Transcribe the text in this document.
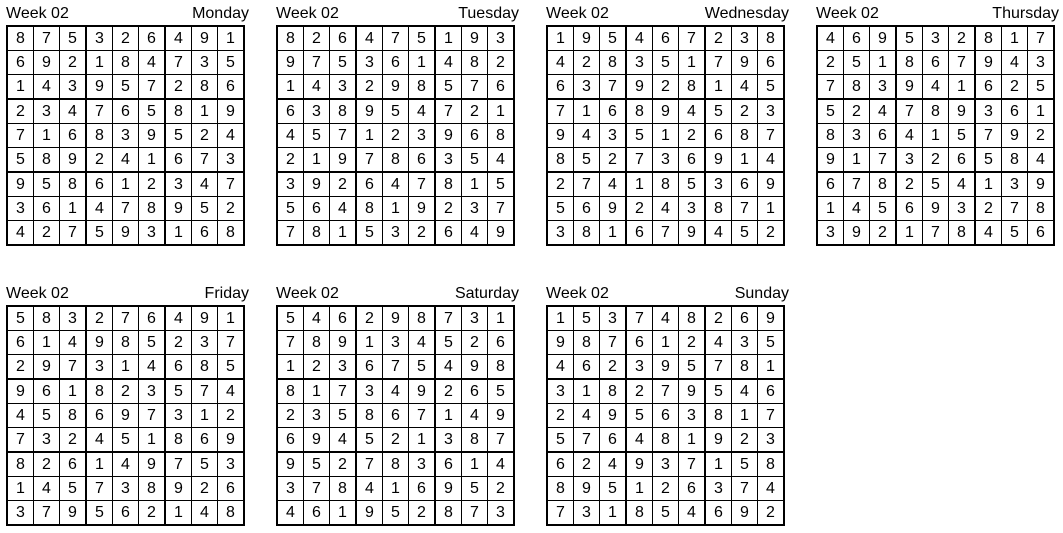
Week 02	Monday
8	7	5	3	2	6	4	9	1
6	9	2	1	8	4	7	3	5
1	4	3	9	5	7	2	8	6
2	3	4	7	6	5	8	1	9
7	1	6	8	3	9	5	2	4
5	8	9	2	4	1	6	7	3
9	5	8	6	1	2	3	4	7
3	6	1	4	7	8	9	5	2
4	2	7	5	9	3	1	6	8
Week 02	Tuesday
8	2	6	4	7	5	1	9	3
9	7	5	3	6	1	4	8	2
1	4	3	2	9	8	5	7	6
6	3	8	9	5	4	7	2	1
4	5	7	1	2	3	9	6	8
2	1	9	7	8	6	3	5	4
3	9	2	6	4	7	8	1	5
5	6	4	8	1	9	2	3	7
7	8	1	5	3	2	6	4	9
Week 02	Wednesday
1	9	5	4	6	7	2	3	8
4	2	8	3	5	1	7	9	6
6	3	7	9	2	8	1	4	5
7	1	6	8	9	4	5	2	3
9	4	3	5	1	2	6	8	7
8	5	2	7	3	6	9	1	4
2	7	4	1	8	5	3	6	9
5	6	9	2	4	3	8	7	1
3	8	1	6	7	9	4	5	2
Week 02	Thursday
4	6	9	5	3	2	8	1	7
2	5	1	8	6	7	9	4	3
7	8	3	9	4	1	6	2	5
5	2	4	7	8	9	3	6	1
8	3	6	4	1	5	7	9	2
9	1	7	3	2	6	5	8	4
6	7	8	2	5	4	1	3	9
1	4	5	6	9	3	2	7	8
3	9	2	1	7	8	4	5	6
Week 02	Friday
5	8	3	2	7	6	4	9	1
6	1	4	9	8	5	2	3	7
2	9	7	3	1	4	6	8	5
9	6	1	8	2	3	5	7	4
4	5	8	6	9	7	3	1	2
7	3	2	4	5	1	8	6	9
8	2	6	1	4	9	7	5	3
1	4	5	7	3	8	9	2	6
3	7	9	5	6	2	1	4	8
Week 02	Saturday
5	4	6	2	9	8	7	3	1
7	8	9	1	3	4	5	2	6
1	2	3	6	7	5	4	9	8
8	1	7	3	4	9	2	6	5
2	3	5	8	6	7	1	4	9
6	9	4	5	2	1	3	8	7
9	5	2	7	8	3	6	1	4
3	7	8	4	1	6	9	5	2
4	6	1	9	5	2	8	7	3
Week 02	Sunday
1	5	3	7	4	8	2	6	9
9	8	7	6	1	2	4	3	5
4	6	2	3	9	5	7	8	1
3	1	8	2	7	9	5	4	6
2	4	9	5	6	3	8	1	7
5	7	6	4	8	1	9	2	3
6	2	4	9	3	7	1	5	8
8	9	5	1	2	6	3	7	4
7	3	1	8	5	4	6	9	2
